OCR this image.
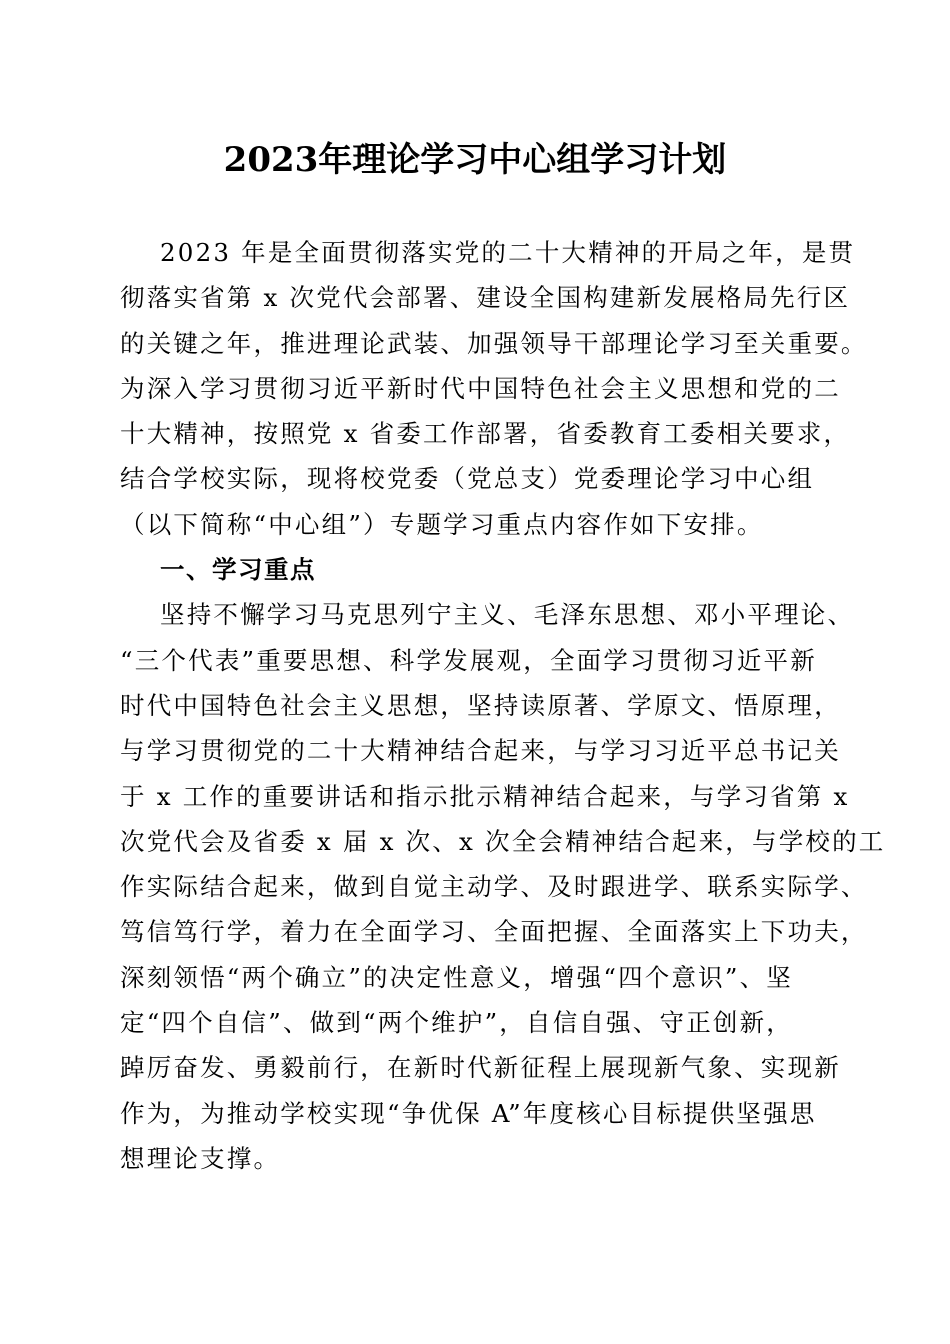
2023年理论学习中心组学习计划
2023 年是全面贯彻落实党的二十大精神的开局之年，是贯
彻落实省第 x 次党代会部署、建设全国构建新发展格局先行区
的关键之年，推进理论武装、加强领导干部理论学习至关重要。
为深入学习贯彻习近平新时代中国特色社会主义思想和党的二
十大精神，按照党 x 省委工作部署，省委教育工委相关要求，
结合学校实际，现将校党委（党总支）党委理论学习中心组
（以下简称“中心组”）专题学习重点内容作如下安排。
一、学习重点
坚持不懈学习马克思列宁主义、毛泽东思想、邓小平理论、
“三个代表”重要思想、科学发展观，全面学习贯彻习近平新
时代中国特色社会主义思想，坚持读原著、学原文、悟原理，
与学习贯彻党的二十大精神结合起来，与学习习近平总书记关
于 x 工作的重要讲话和指示批示精神结合起来，与学习省第 x
次党代会及省委 x 届 x 次、x 次全会精神结合起来，与学校的工
作实际结合起来，做到自觉主动学、及时跟进学、联系实际学、
笃信笃行学，着力在全面学习、全面把握、全面落实上下功夫，
深刻领悟“两个确立”的决定性意义，增强“四个意识”、坚
定“四个自信”、做到“两个维护”，自信自强、守正创新，
踔厉奋发、勇毅前行，在新时代新征程上展现新气象、实现新
作为，为推动学校实现“争优保 A”年度核心目标提供坚强思
想理论支撑。
